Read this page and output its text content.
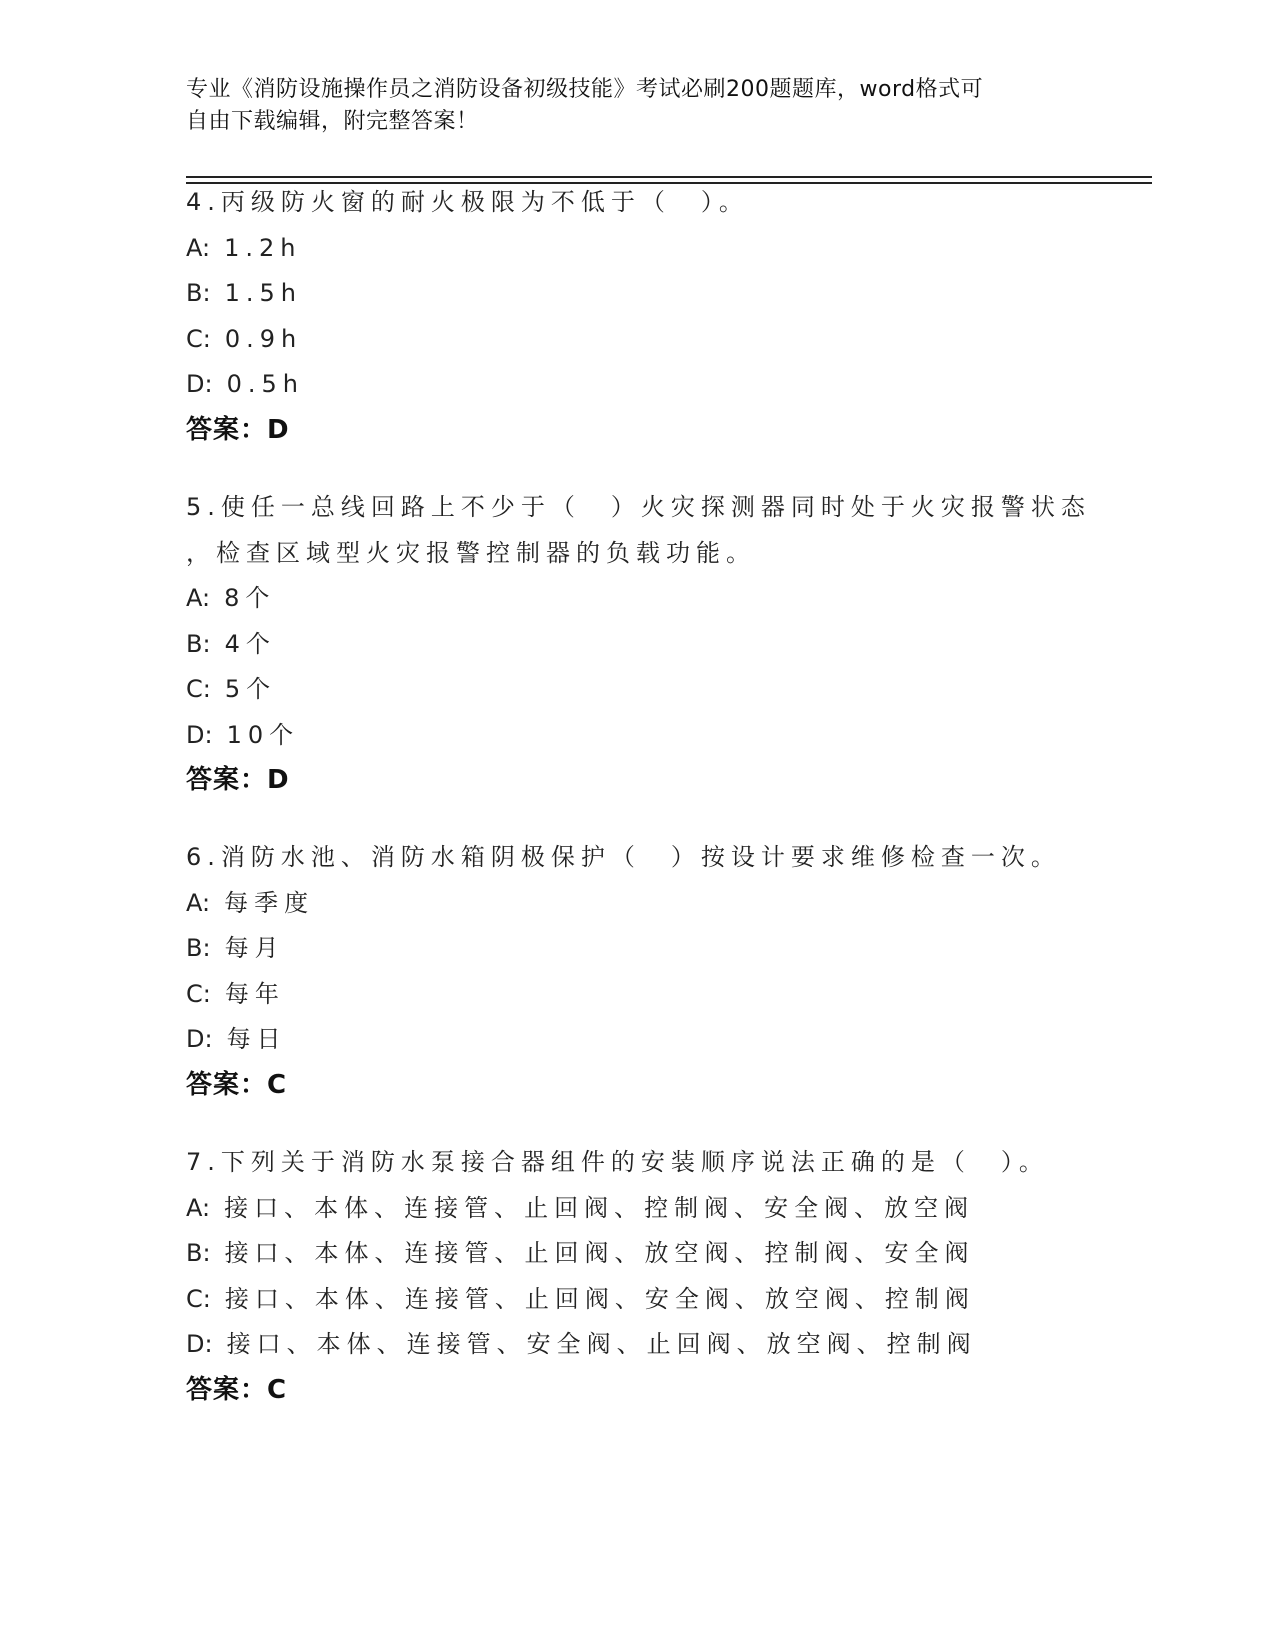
专业《消防设施操作员之消防设备初级技能》考试必刷200题题库，word格式可
自由下载编辑，附完整答案！
4.丙级防火窗的耐火极限为不低于（　）。
A: 1.2h
B: 1.5h
C: 0.9h
D: 0.5h
答案：D
5.使任一总线回路上不少于（　）火灾探测器同时处于火灾报警状态
，检查区域型火灾报警控制器的负载功能。
A: 8个
B: 4个
C: 5个
D: 10个
答案：D
6.消防水池、消防水箱阴极保护（　）按设计要求维修检查一次。
A: 每季度
B: 每月
C: 每年
D: 每日
答案：C
7.下列关于消防水泵接合器组件的安装顺序说法正确的是（　）。
A: 接口、本体、连接管、止回阀、控制阀、安全阀、放空阀
B: 接口、本体、连接管、止回阀、放空阀、控制阀、安全阀
C: 接口、本体、连接管、止回阀、安全阀、放空阀、控制阀
D: 接口、本体、连接管、安全阀、止回阀、放空阀、控制阀
答案：C
